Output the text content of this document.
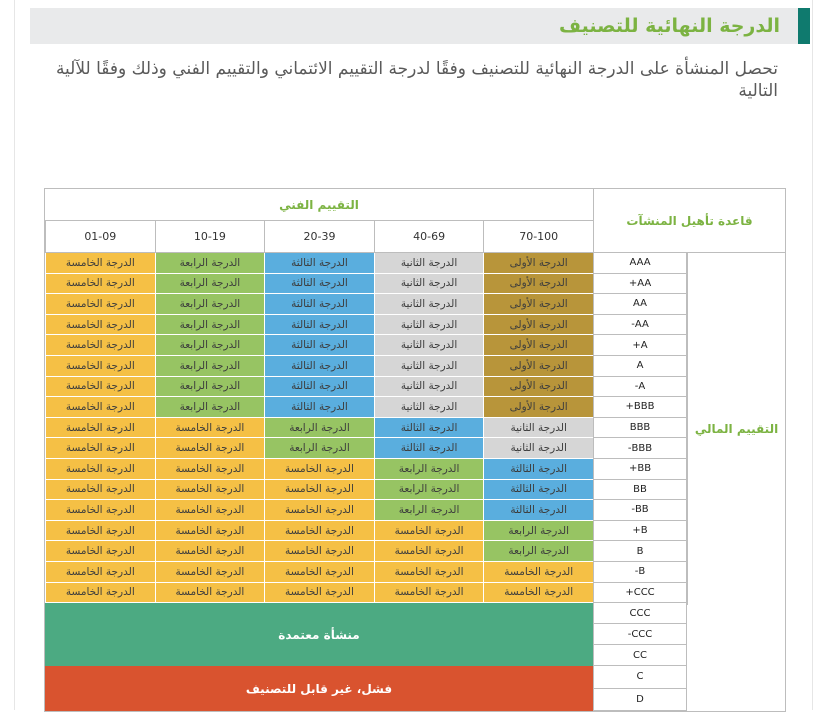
الدرجة النهائية للتصنيف
تحصل المنشأة على الدرجة النهائية للتصنيف وفقًا لدرجة التقييم الائتماني والتقييم الفني وذلك وفقًا للآلية التالية
التقييم الفني
قاعدة تأهيل المنشآت
التقييم المالي
70-100
40-69
20-39
10-19
01-09
AAA
الدرجة الأولى
الدرجة الثانية
الدرجة الثالثة
الدرجة الرابعة
الدرجة الخامسة
AA+
الدرجة الأولى
الدرجة الثانية
الدرجة الثالثة
الدرجة الرابعة
الدرجة الخامسة
AA
الدرجة الأولى
الدرجة الثانية
الدرجة الثالثة
الدرجة الرابعة
الدرجة الخامسة
AA-
الدرجة الأولى
الدرجة الثانية
الدرجة الثالثة
الدرجة الرابعة
الدرجة الخامسة
A+
الدرجة الأولى
الدرجة الثانية
الدرجة الثالثة
الدرجة الرابعة
الدرجة الخامسة
A
الدرجة الأولى
الدرجة الثانية
الدرجة الثالثة
الدرجة الرابعة
الدرجة الخامسة
A-
الدرجة الأولى
الدرجة الثانية
الدرجة الثالثة
الدرجة الرابعة
الدرجة الخامسة
BBB+
الدرجة الأولى
الدرجة الثانية
الدرجة الثالثة
الدرجة الرابعة
الدرجة الخامسة
BBB
الدرجة الثانية
الدرجة الثالثة
الدرجة الرابعة
الدرجة الخامسة
الدرجة الخامسة
BBB-
الدرجة الثانية
الدرجة الثالثة
الدرجة الرابعة
الدرجة الخامسة
الدرجة الخامسة
BB+
الدرجة الثالثة
الدرجة الرابعة
الدرجة الخامسة
الدرجة الخامسة
الدرجة الخامسة
BB
الدرجة الثالثة
الدرجة الرابعة
الدرجة الخامسة
الدرجة الخامسة
الدرجة الخامسة
BB-
الدرجة الثالثة
الدرجة الرابعة
الدرجة الخامسة
الدرجة الخامسة
الدرجة الخامسة
B+
الدرجة الرابعة
الدرجة الخامسة
الدرجة الخامسة
الدرجة الخامسة
الدرجة الخامسة
B
الدرجة الرابعة
الدرجة الخامسة
الدرجة الخامسة
الدرجة الخامسة
الدرجة الخامسة
B-
الدرجة الخامسة
الدرجة الخامسة
الدرجة الخامسة
الدرجة الخامسة
الدرجة الخامسة
CCC+
الدرجة الخامسة
الدرجة الخامسة
الدرجة الخامسة
الدرجة الخامسة
الدرجة الخامسة
منشأة معتمدة
CCC
CCC-
CC
فشل، غير قابل للتصنيف
C
D
